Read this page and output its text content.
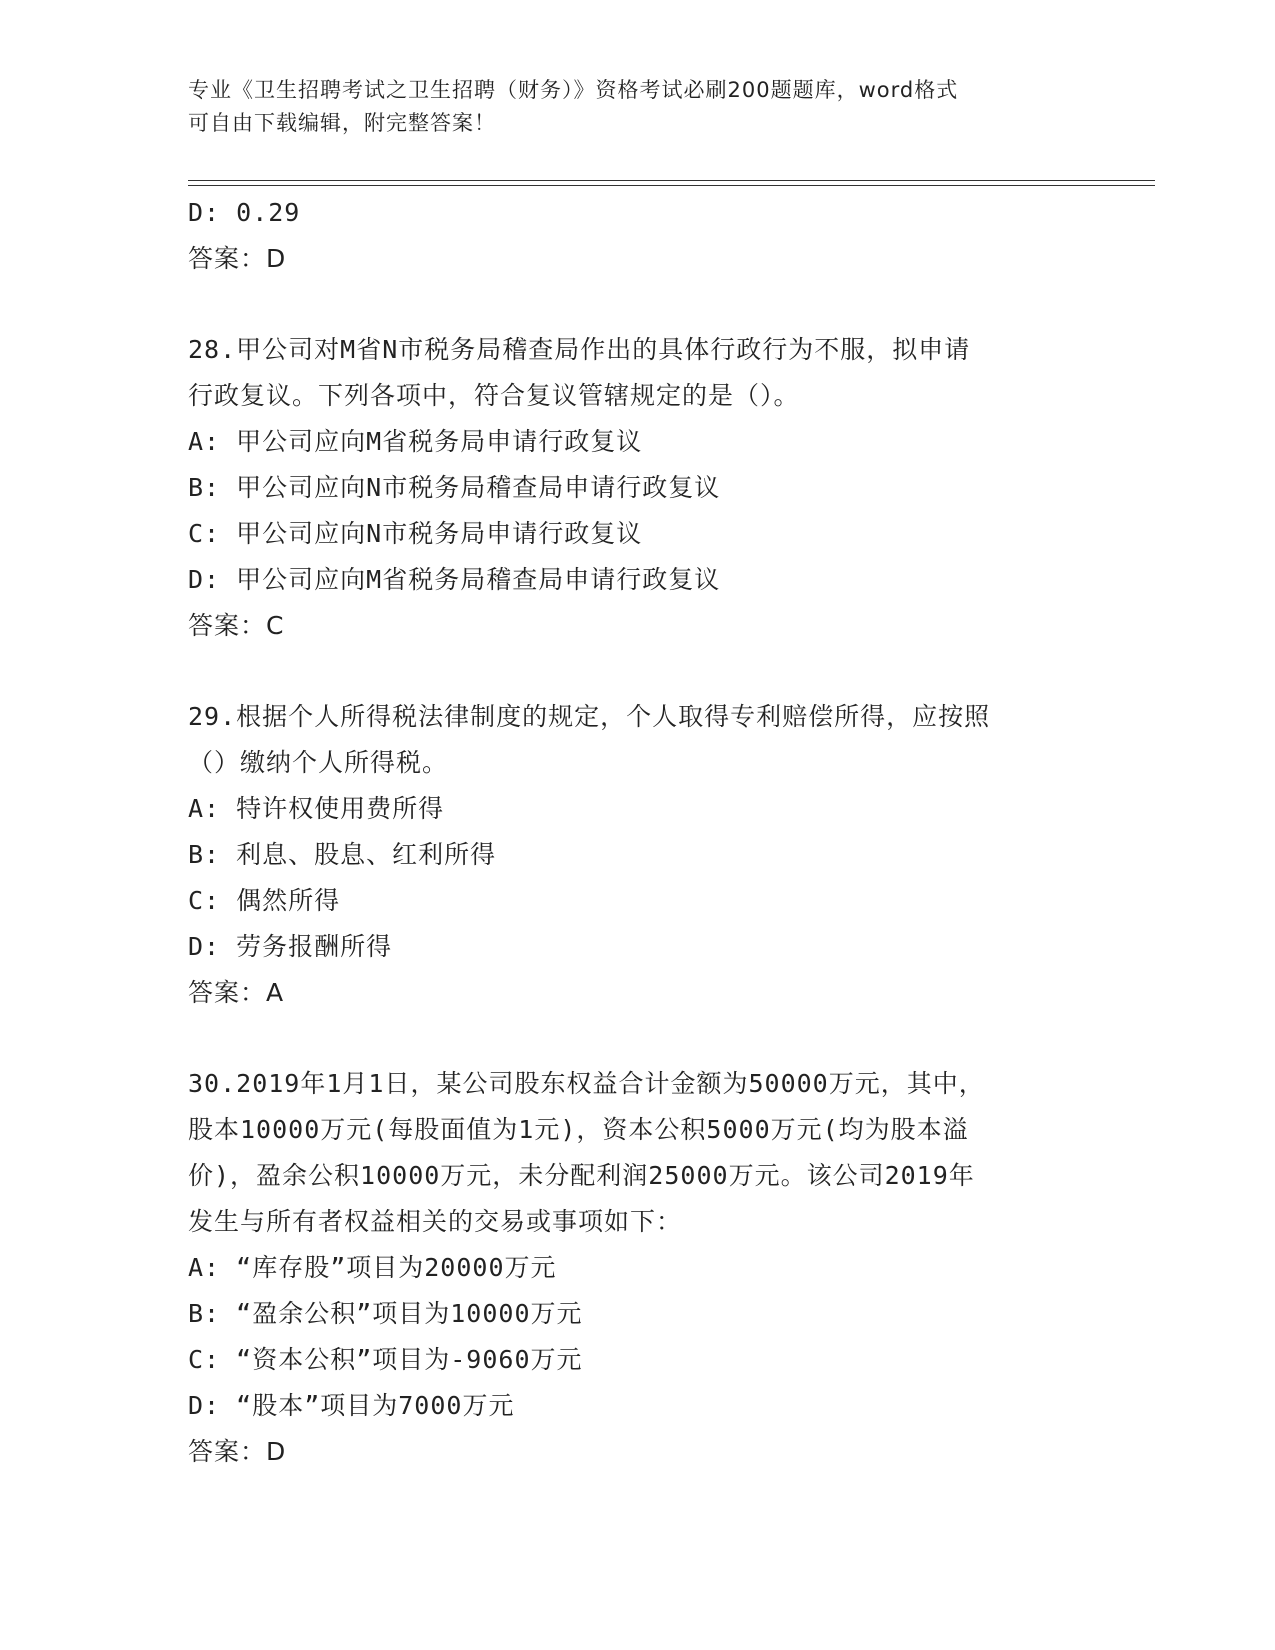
专业《卫生招聘考试之卫生招聘（财务）》资格考试必刷200题题库，word格式
可自由下载编辑，附完整答案！
D: 0.29
答案：D
28.甲公司对M省N市税务局稽查局作出的具体行政行为不服，拟申请
行政复议。下列各项中，符合复议管辖规定的是（）。
A: 甲公司应向M省税务局申请行政复议
B: 甲公司应向N市税务局稽查局申请行政复议
C: 甲公司应向N市税务局申请行政复议
D: 甲公司应向M省税务局稽查局申请行政复议
答案：C
29.根据个人所得税法律制度的规定，个人取得专利赔偿所得，应按照
（）缴纳个人所得税。
A: 特许权使用费所得
B: 利息、股息、红利所得
C: 偶然所得
D: 劳务报酬所得
答案：A
30.2019年1月1日，某公司股东权益合计金额为50000万元，其中，
股本10000万元(每股面值为1元)，资本公积5000万元(均为股本溢
价)，盈余公积10000万元，未分配利润25000万元。该公司2019年
发生与所有者权益相关的交易或事项如下：
A: “库存股”项目为20000万元
B: “盈余公积”项目为10000万元
C: “资本公积”项目为-9060万元
D: “股本”项目为7000万元
答案：D
